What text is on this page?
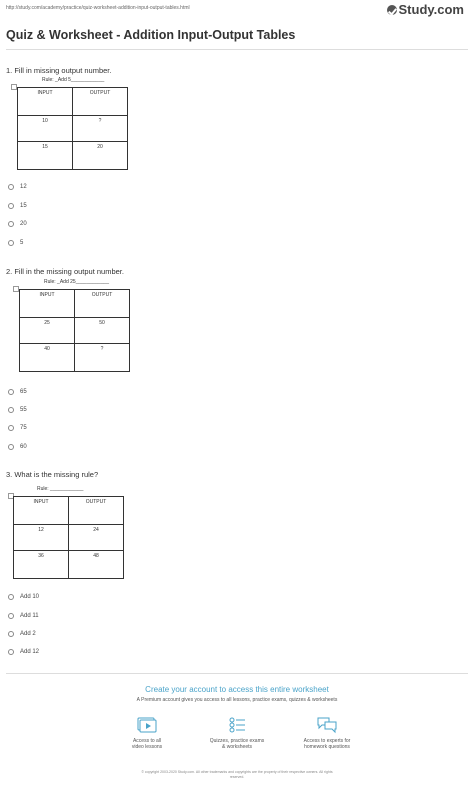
http://study.com/academy/practice/quiz-worksheet-addition-input-output-tables.html	Study.com
Quiz & Worksheet - Addition Input-Output Tables
1. Fill in missing output number.
Rule: _Add 5____________
INPUT	OUTPUT
10	?
15	20
12
15
20
5
2. Fill in the missing output number.
Rule: _Add 25____________
INPUT	OUTPUT
25	50
40	?
65
55
75
60
3. What is the missing rule?
Rule: ____________
INPUT	OUTPUT
12	24
36	48
Add 10
Add 11
Add 2
Add 12
Create your account to access this entire worksheet
A Premium account gives you access to all lessons, practice exams, quizzes & worksheets
Access to all
video lessons
Quizzes, practice exams
& worksheets
Access to experts for
homework questions
© copyright 2003-2020 Study.com. All other trademarks and copyrights are the property of their respective owners. All rights
reserved.
